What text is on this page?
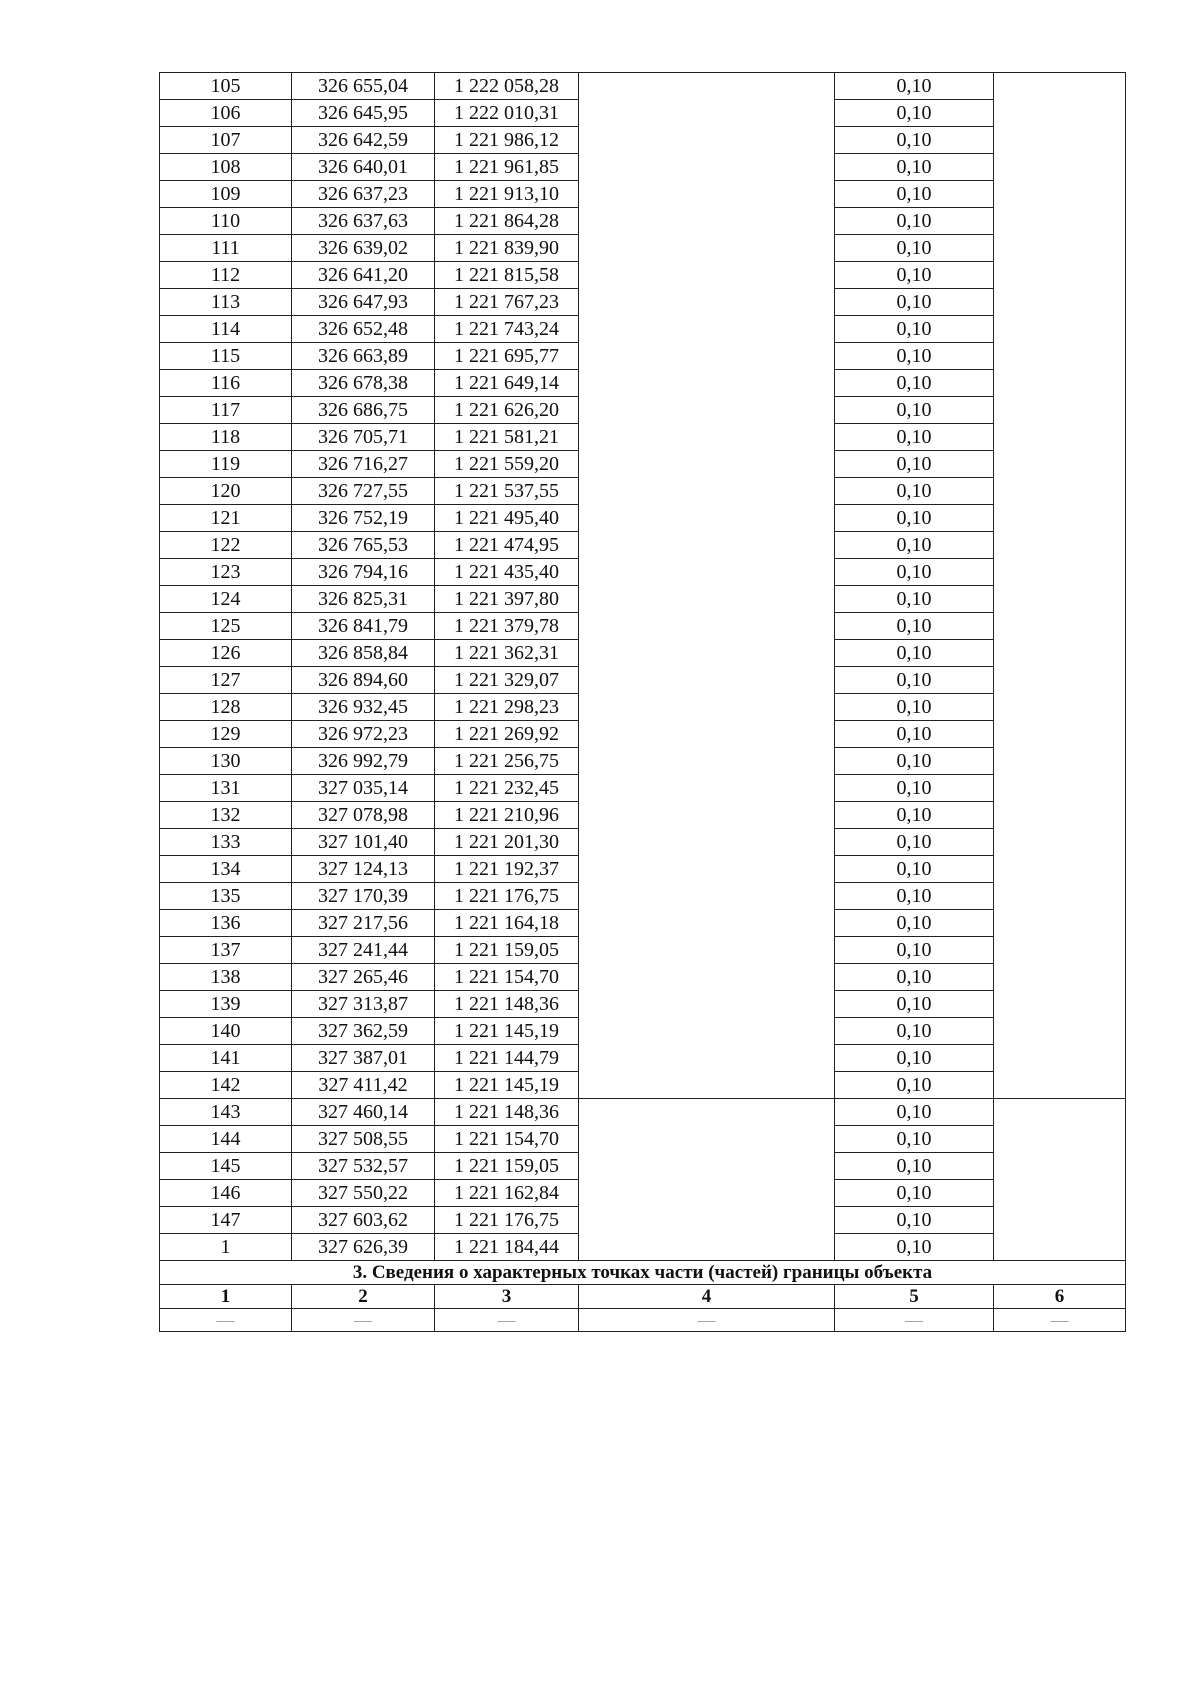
105	326 655,04	1 222 058,28		0,10	
106	326 645,95	1 222 010,31		0,10	
107	326 642,59	1 221 986,12		0,10	
108	326 640,01	1 221 961,85		0,10	
109	326 637,23	1 221 913,10		0,10	
110	326 637,63	1 221 864,28		0,10	
111	326 639,02	1 221 839,90		0,10	
112	326 641,20	1 221 815,58		0,10	
113	326 647,93	1 221 767,23		0,10	
114	326 652,48	1 221 743,24		0,10	
115	326 663,89	1 221 695,77		0,10	
116	326 678,38	1 221 649,14		0,10	
117	326 686,75	1 221 626,20		0,10	
118	326 705,71	1 221 581,21		0,10	
119	326 716,27	1 221 559,20		0,10	
120	326 727,55	1 221 537,55		0,10	
121	326 752,19	1 221 495,40		0,10	
122	326 765,53	1 221 474,95		0,10	
123	326 794,16	1 221 435,40		0,10	
124	326 825,31	1 221 397,80		0,10	
125	326 841,79	1 221 379,78		0,10	
126	326 858,84	1 221 362,31		0,10	
127	326 894,60	1 221 329,07		0,10	
128	326 932,45	1 221 298,23		0,10	
129	326 972,23	1 221 269,92		0,10	
130	326 992,79	1 221 256,75		0,10	
131	327 035,14	1 221 232,45		0,10	
132	327 078,98	1 221 210,96		0,10	
133	327 101,40	1 221 201,30		0,10	
134	327 124,13	1 221 192,37		0,10	
135	327 170,39	1 221 176,75		0,10	
136	327 217,56	1 221 164,18		0,10	
137	327 241,44	1 221 159,05		0,10	
138	327 265,46	1 221 154,70		0,10	
139	327 313,87	1 221 148,36		0,10	
140	327 362,59	1 221 145,19		0,10	
141	327 387,01	1 221 144,79		0,10	
142	327 411,42	1 221 145,19		0,10	
143	327 460,14	1 221 148,36		0,10	
144	327 508,55	1 221 154,70		0,10	
145	327 532,57	1 221 159,05		0,10	
146	327 550,22	1 221 162,84		0,10	
147	327 603,62	1 221 176,75		0,10	
1	327 626,39	1 221 184,44		0,10	
3. Сведения о характерных точках части (частей) границы объекта					
1	2	3	4	5	6
—	—	—	—	—	—
